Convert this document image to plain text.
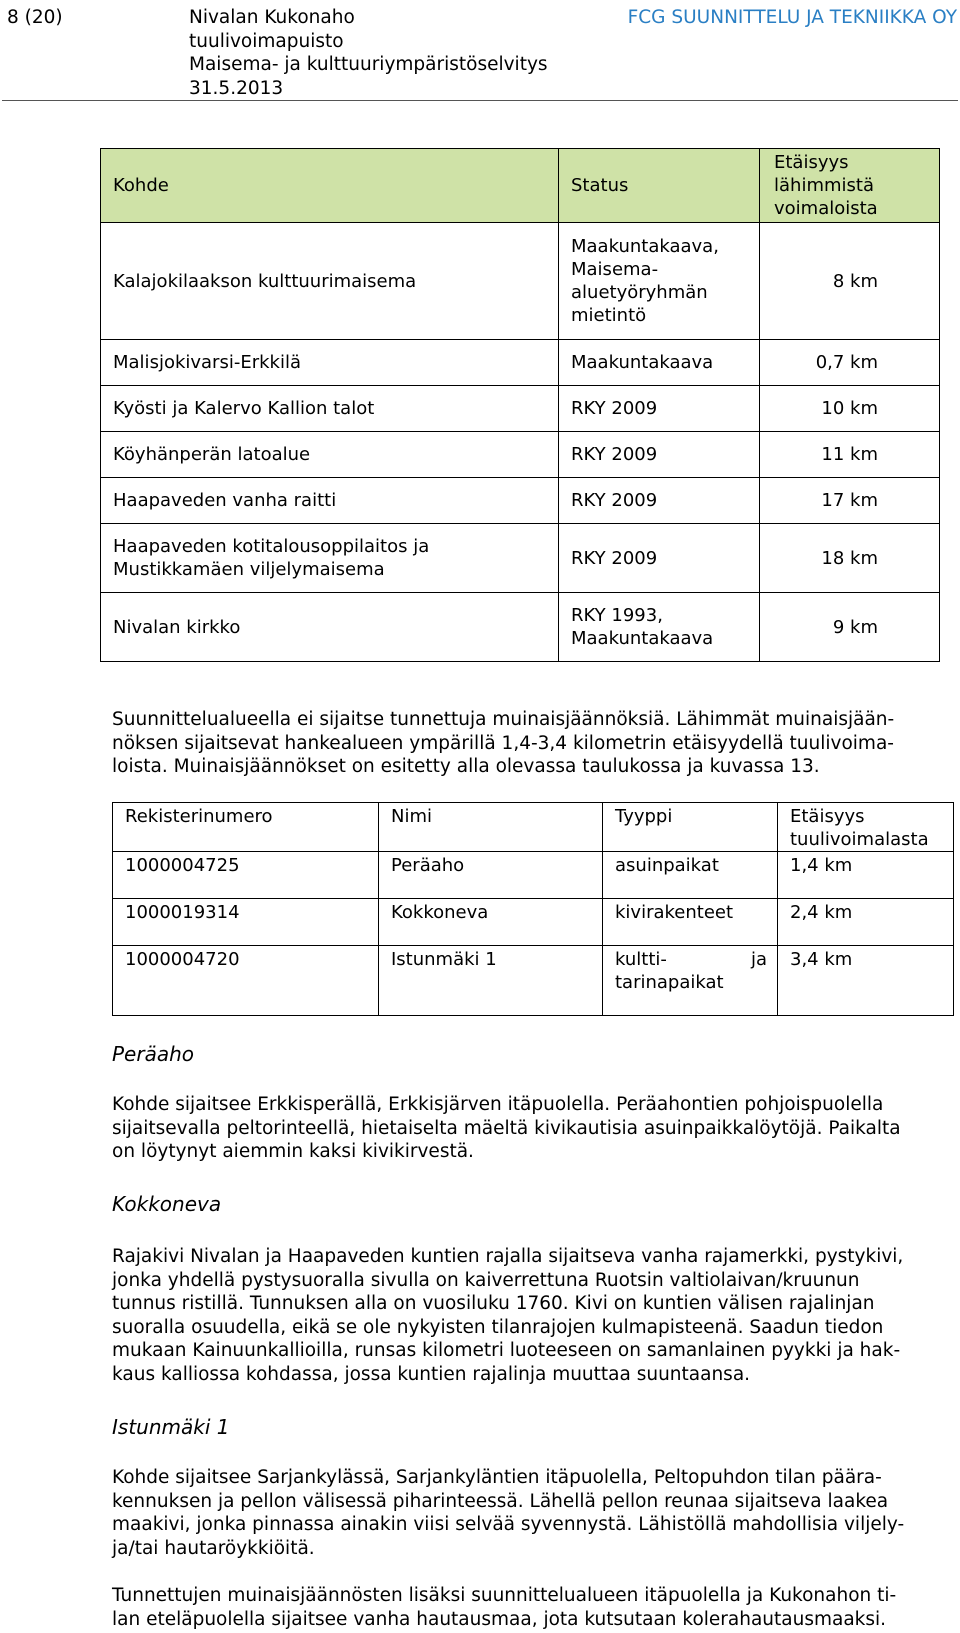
8 (20)	Nivalan Kukonaho
tuulivoimapuisto
Maisema- ja kulttuuriympäristöselvitys
31.5.2013
FCG SUUNNITTELU JA TEKNIIKKA OY
Kohde	Status	Etäisyys lähimmistä voimaloista
Kalajokilaakson kulttuurimaisema	Maakuntakaava, Maisema-aluetyöryhmän mietintö	8 km
Malisjokivarsi-Erkkilä	Maakuntakaava	0,7 km
Kyösti ja Kalervo Kallion talot	RKY 2009	10 km
Köyhänperän latoalue	RKY 2009	11 km
Haapaveden vanha raitti	RKY 2009	17 km
Haapaveden kotitalousoppilaitos ja Mustikkamäen viljelymaisema	RKY 2009	18 km
Nivalan kirkko	RKY 1993, Maakuntakaava	9 km
Suunnittelualueella ei sijaitse tunnettuja muinaisjäännöksiä. Lähimmät muinaisjään-
nöksen sijaitsevat hankealueen ympärillä 1,4-3,4 kilometrin etäisyydellä tuulivoima-
loista. Muinaisjäännökset on esitetty alla olevassa taulukossa ja kuvassa 13.
Rekisterinumero	Nimi	Tyyppi	Etäisyys tuulivoimalasta
1000004725	Peräaho	asuinpaikat	1,4 km
1000019314	Kokkoneva	kivirakenteet	2,4 km
1000004720	Istunmäki 1	kultti- ja tarinapaikat	3,4 km
Peräaho
Kohde sijaitsee Erkkisperällä, Erkkisjärven itäpuolella. Peräahontien pohjoispuolella
sijaitsevalla peltorinteellä, hietaiselta mäeltä kivikautisia asuinpaikkalöytöjä. Paikalta
on löytynyt aiemmin kaksi kivikirvestä.
Kokkoneva
Rajakivi Nivalan ja Haapaveden kuntien rajalla sijaitseva vanha rajamerkki, pystykivi,
jonka yhdellä pystysuoralla sivulla on kaiverrettuna Ruotsin valtiolaivan/kruunun
tunnus ristillä. Tunnuksen alla on vuosiluku 1760. Kivi on kuntien välisen rajalinjan
suoralla osuudella, eikä se ole nykyisten tilanrajojen kulmapisteenä. Saadun tiedon
mukaan Kainuunkallioilla, runsas kilometri luoteeseen on samanlainen pyykki ja hak-
kaus kalliossa kohdassa, jossa kuntien rajalinja muuttaa suuntaansa.
Istunmäki 1
Kohde sijaitsee Sarjankylässä, Sarjankyläntien itäpuolella, Peltopuhdon tilan päära-
kennuksen ja pellon välisessä piharinteessä. Lähellä pellon reunaa sijaitseva laakea
maakivi, jonka pinnassa ainakin viisi selvää syvennystä. Lähistöllä mahdollisia viljely-
ja/tai hautaröykkiöitä.
Tunnettujen muinaisjäännösten lisäksi suunnittelualueen itäpuolella ja Kukonahon ti-
lan eteläpuolella sijaitsee vanha hautausmaa, jota kutsutaan kolerahautausmaaksi.
